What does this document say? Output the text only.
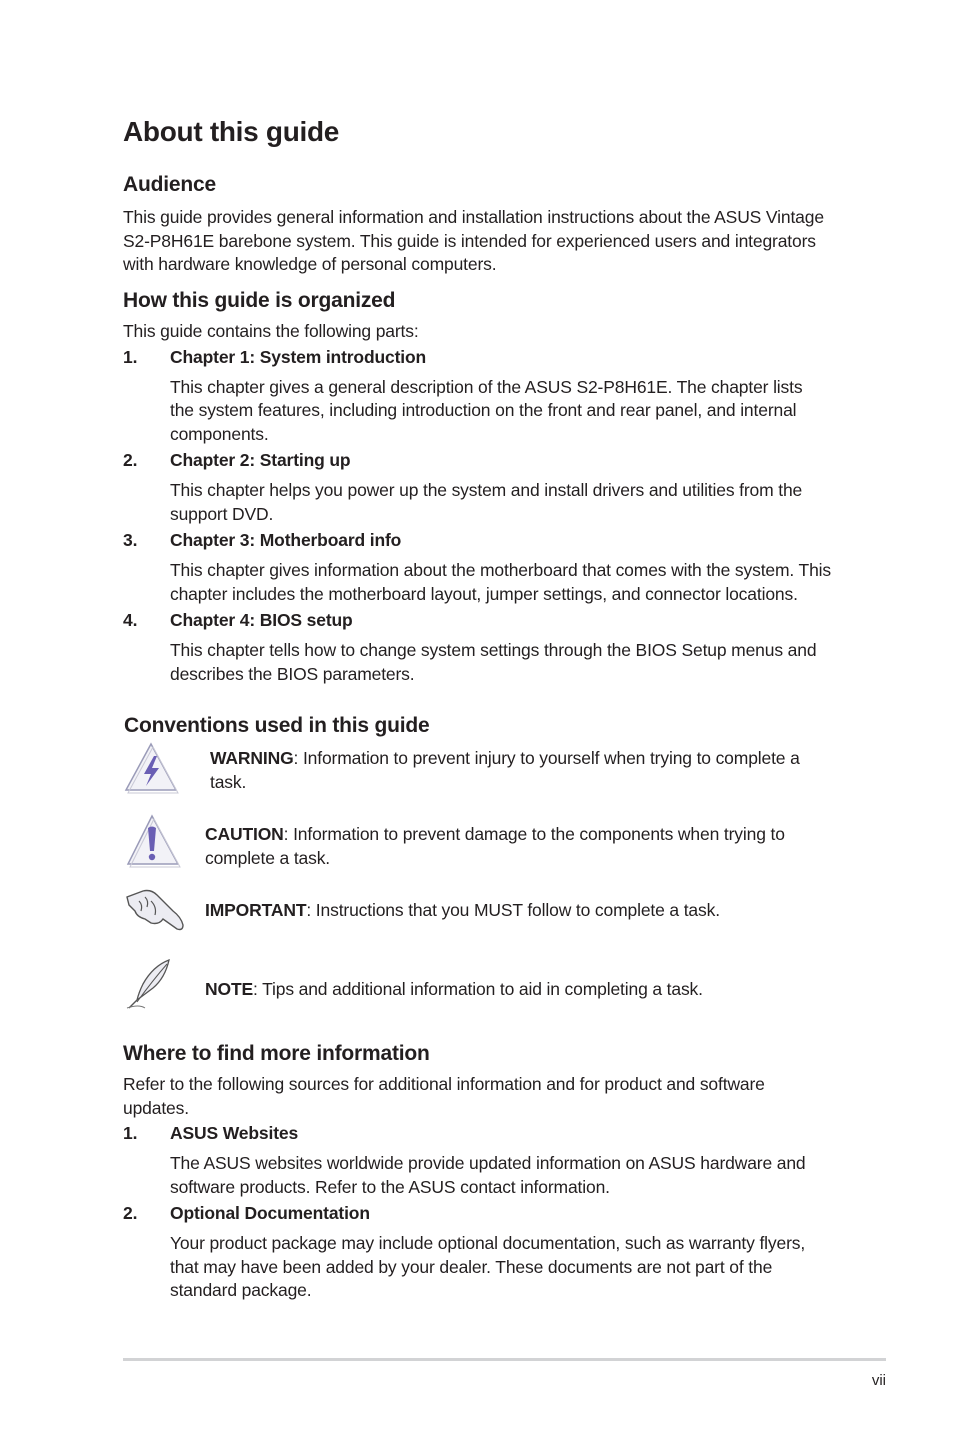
About this guide
Audience

This guide provides general information and installation instructions about the ASUS Vintage S2-P8H61E barebone system. This guide is intended for experienced users and integrators with hardware knowledge of personal computers.

How this guide is organized

This guide contains the following parts:

1.	Chapter 1: System introduction
This chapter gives a general description of the ASUS S2-P8H61E. The chapter lists the system features, including introduction on the front and rear panel, and internal components.
2.	Chapter 2: Starting up
This chapter helps you power up the system and install drivers and utilities from the support DVD.
3.	Chapter 3: Motherboard info
This chapter gives information about the motherboard that comes with the system. This chapter includes the motherboard layout, jumper settings, and connector locations.
4.	Chapter 4: BIOS setup
This chapter tells how to change system settings through the BIOS Setup menus and describes the BIOS parameters.
Conventions used in this guide
WARNING: Information to prevent injury to yourself when trying to complete a task.
CAUTION: Information to prevent damage to the components when trying to complete a task.
IMPORTANT: Instructions that you MUST follow to complete a task.
NOTE: Tips and additional information to aid in completing a task.
Where to find more information

Refer to the following sources for additional information and for product and software updates.

1.	ASUS Websites
The ASUS websites worldwide provide updated information on ASUS hardware and software products. Refer to the ASUS contact information.
2.	Optional Documentation
Your product package may include optional documentation, such as warranty flyers, that may have been added by your dealer. These documents are not part of the standard package.
vii
